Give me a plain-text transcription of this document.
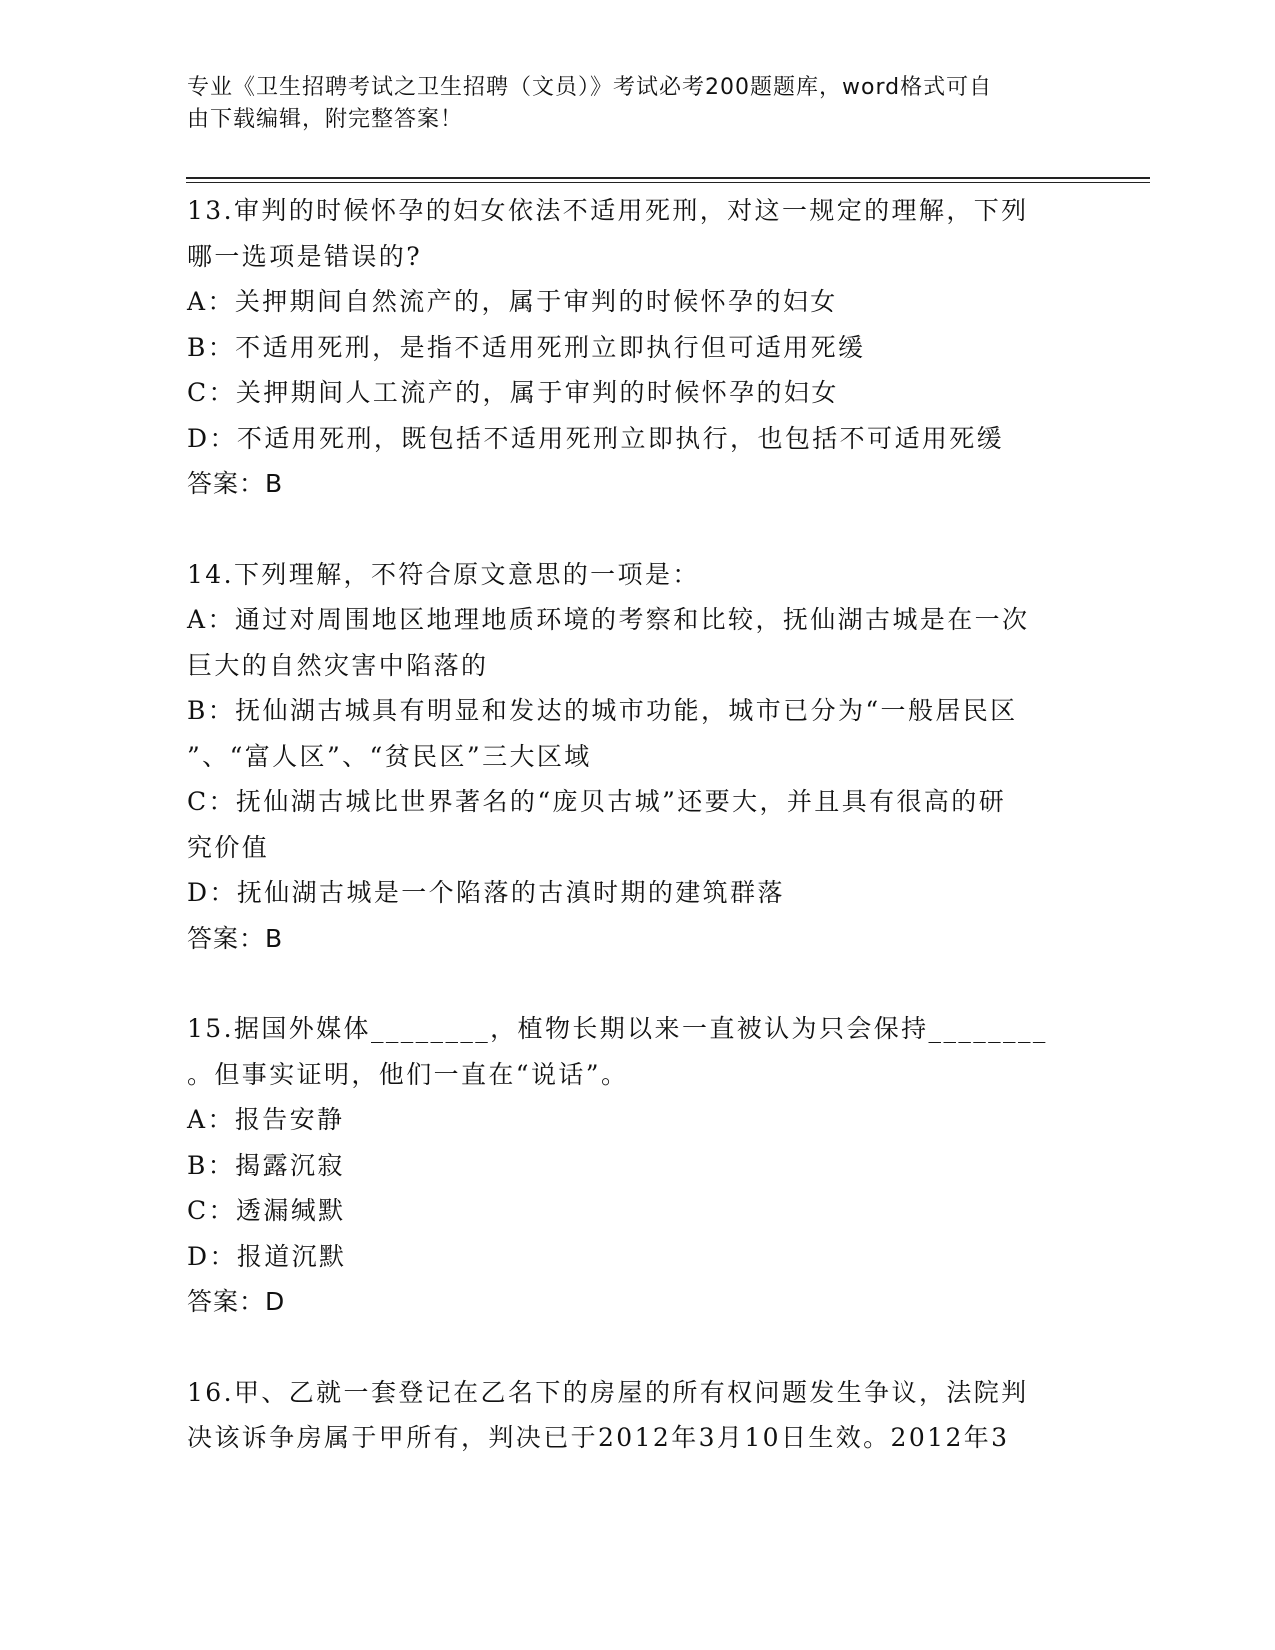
专业《卫生招聘考试之卫生招聘（文员）》考试必考200题题库，word格式可自
由下载编辑，附完整答案！

13.审判的时候怀孕的妇女依法不适用死刑，对这一规定的理解，下列

哪一选项是错误的?

A：关押期间自然流产的，属于审判的时候怀孕的妇女

B：不适用死刑，是指不适用死刑立即执行但可适用死缓

C：关押期间人工流产的，属于审判的时候怀孕的妇女

D：不适用死刑，既包括不适用死刑立即执行，也包括不可适用死缓

答案：B

14.下列理解，不符合原文意思的一项是：

A：通过对周围地区地理地质环境的考察和比较，抚仙湖古城是在一次

巨大的自然灾害中陷落的

B：抚仙湖古城具有明显和发达的城市功能，城市已分为“一般居民区

”、“富人区”、“贫民区”三大区域

C：抚仙湖古城比世界著名的“庞贝古城”还要大，并且具有很高的研

究价值

D：抚仙湖古城是一个陷落的古滇时期的建筑群落

答案：B

15.据国外媒体________，植物长期以来一直被认为只会保持________

。但事实证明，他们一直在“说话”。

A：报告安静

B：揭露沉寂

C：透漏缄默

D：报道沉默

答案：D

16.甲、乙就一套登记在乙名下的房屋的所有权问题发生争议，法院判

决该诉争房属于甲所有，判决已于2012年3月10日生效。2012年3
